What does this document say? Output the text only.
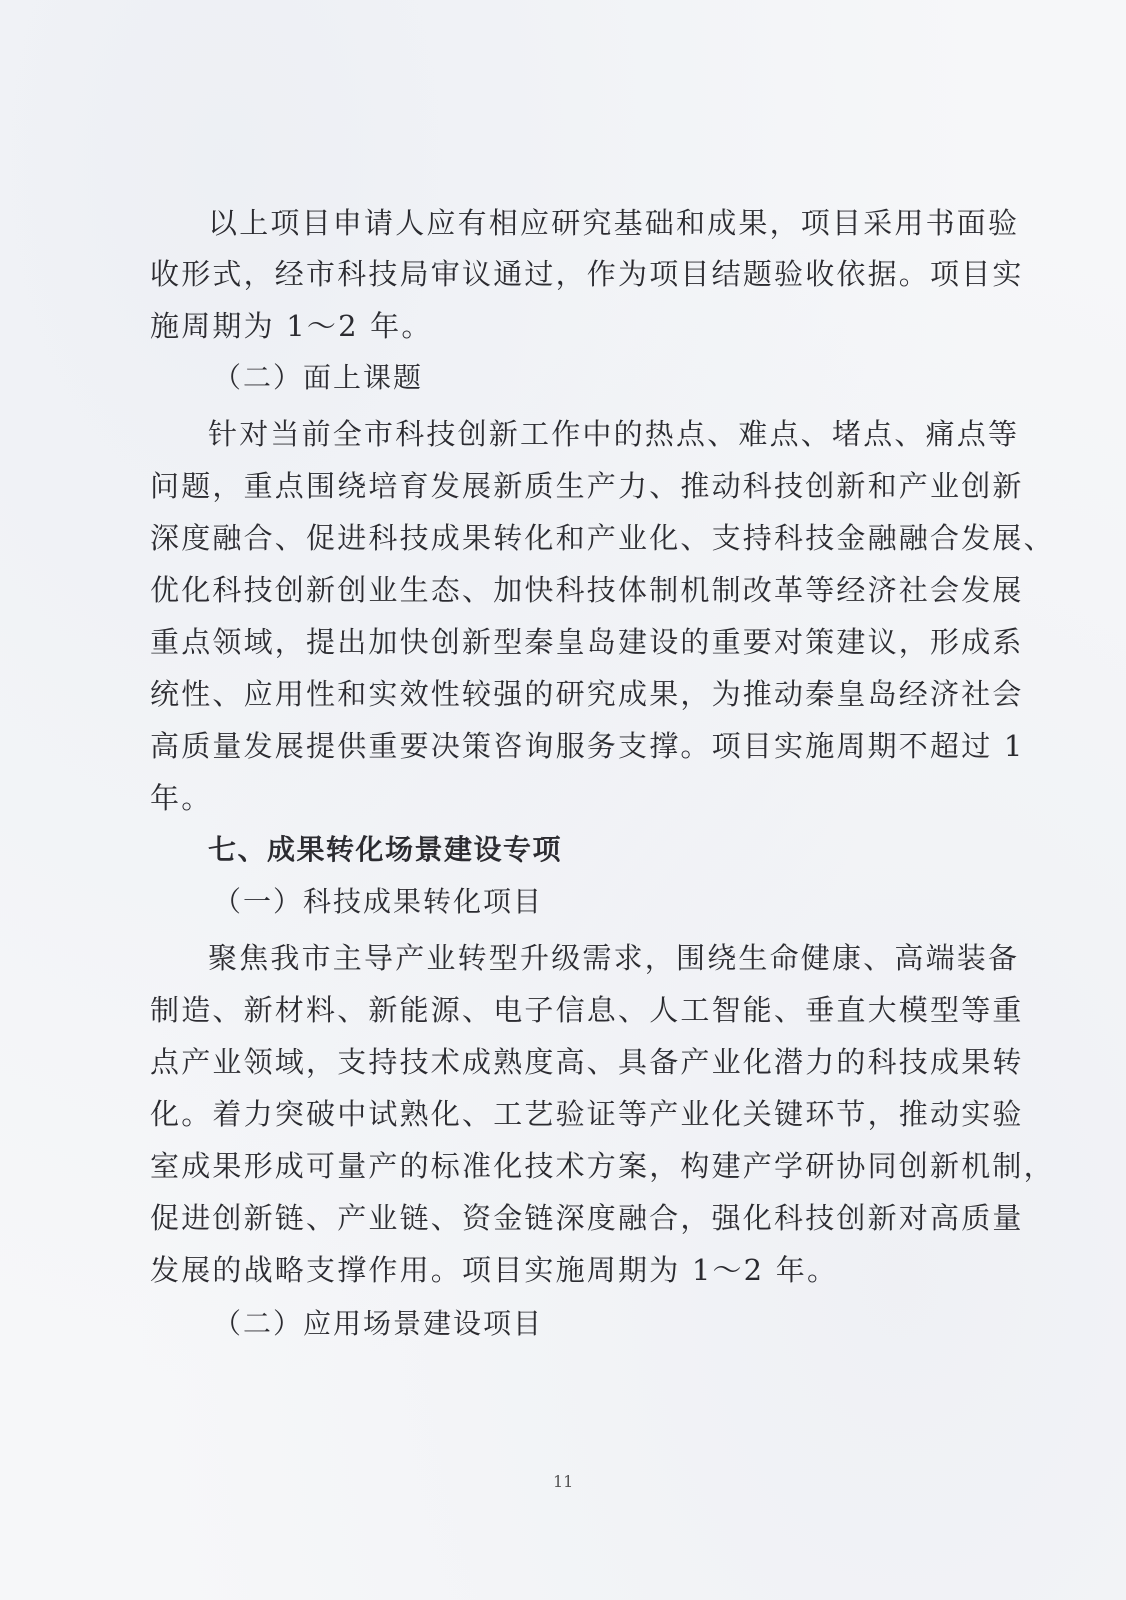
以上项目申请人应有相应研究基础和成果，项目采用书面验
收形式，经市科技局审议通过，作为项目结题验收依据。项目实
施周期为 1～2 年。
（二）面上课题
针对当前全市科技创新工作中的热点、难点、堵点、痛点等
问题，重点围绕培育发展新质生产力、推动科技创新和产业创新
深度融合、促进科技成果转化和产业化、支持科技金融融合发展、
优化科技创新创业生态、加快科技体制机制改革等经济社会发展
重点领域，提出加快创新型秦皇岛建设的重要对策建议，形成系
统性、应用性和实效性较强的研究成果，为推动秦皇岛经济社会
高质量发展提供重要决策咨询服务支撑。项目实施周期不超过 1
年。
七、成果转化场景建设专项
（一）科技成果转化项目
聚焦我市主导产业转型升级需求，围绕生命健康、高端装备
制造、新材料、新能源、电子信息、人工智能、垂直大模型等重
点产业领域，支持技术成熟度高、具备产业化潜力的科技成果转
化。着力突破中试熟化、工艺验证等产业化关键环节，推动实验
室成果形成可量产的标准化技术方案，构建产学研协同创新机制，
促进创新链、产业链、资金链深度融合，强化科技创新对高质量
发展的战略支撑作用。项目实施周期为 1～2 年。
（二）应用场景建设项目
11
